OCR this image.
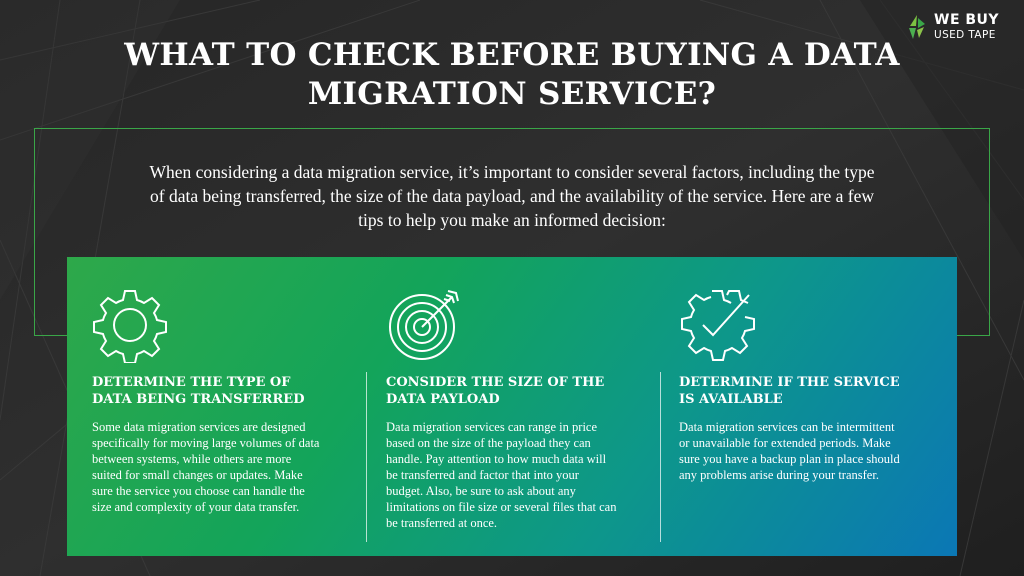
WE BUY
USED TAPE
WHAT TO CHECK BEFORE BUYING A DATA
MIGRATION SERVICE?
When considering a data migration service, it’s important to consider several factors, including the type
of data being transferred, the size of the data payload, and the availability of the service. Here are a few
tips to help you make an informed decision:
DETERMINE THE TYPE OF
DATA BEING TRANSFERRED
Some data migration services are designed
specifically for moving large volumes of data
between systems, while others are more
suited for small changes or updates. Make
sure the service you choose can handle the
size and complexity of your data transfer.
CONSIDER THE SIZE OF THE
DATA PAYLOAD
Data migration services can range in price
based on the size of the payload they can
handle. Pay attention to how much data will
be transferred and factor that into your
budget. Also, be sure to ask about any
limitations on file size or several files that can
be transferred at once.
DETERMINE IF THE SERVICE
IS AVAILABLE
Data migration services can be intermittent
or unavailable for extended periods. Make
sure you have a backup plan in place should
any problems arise during your transfer.
